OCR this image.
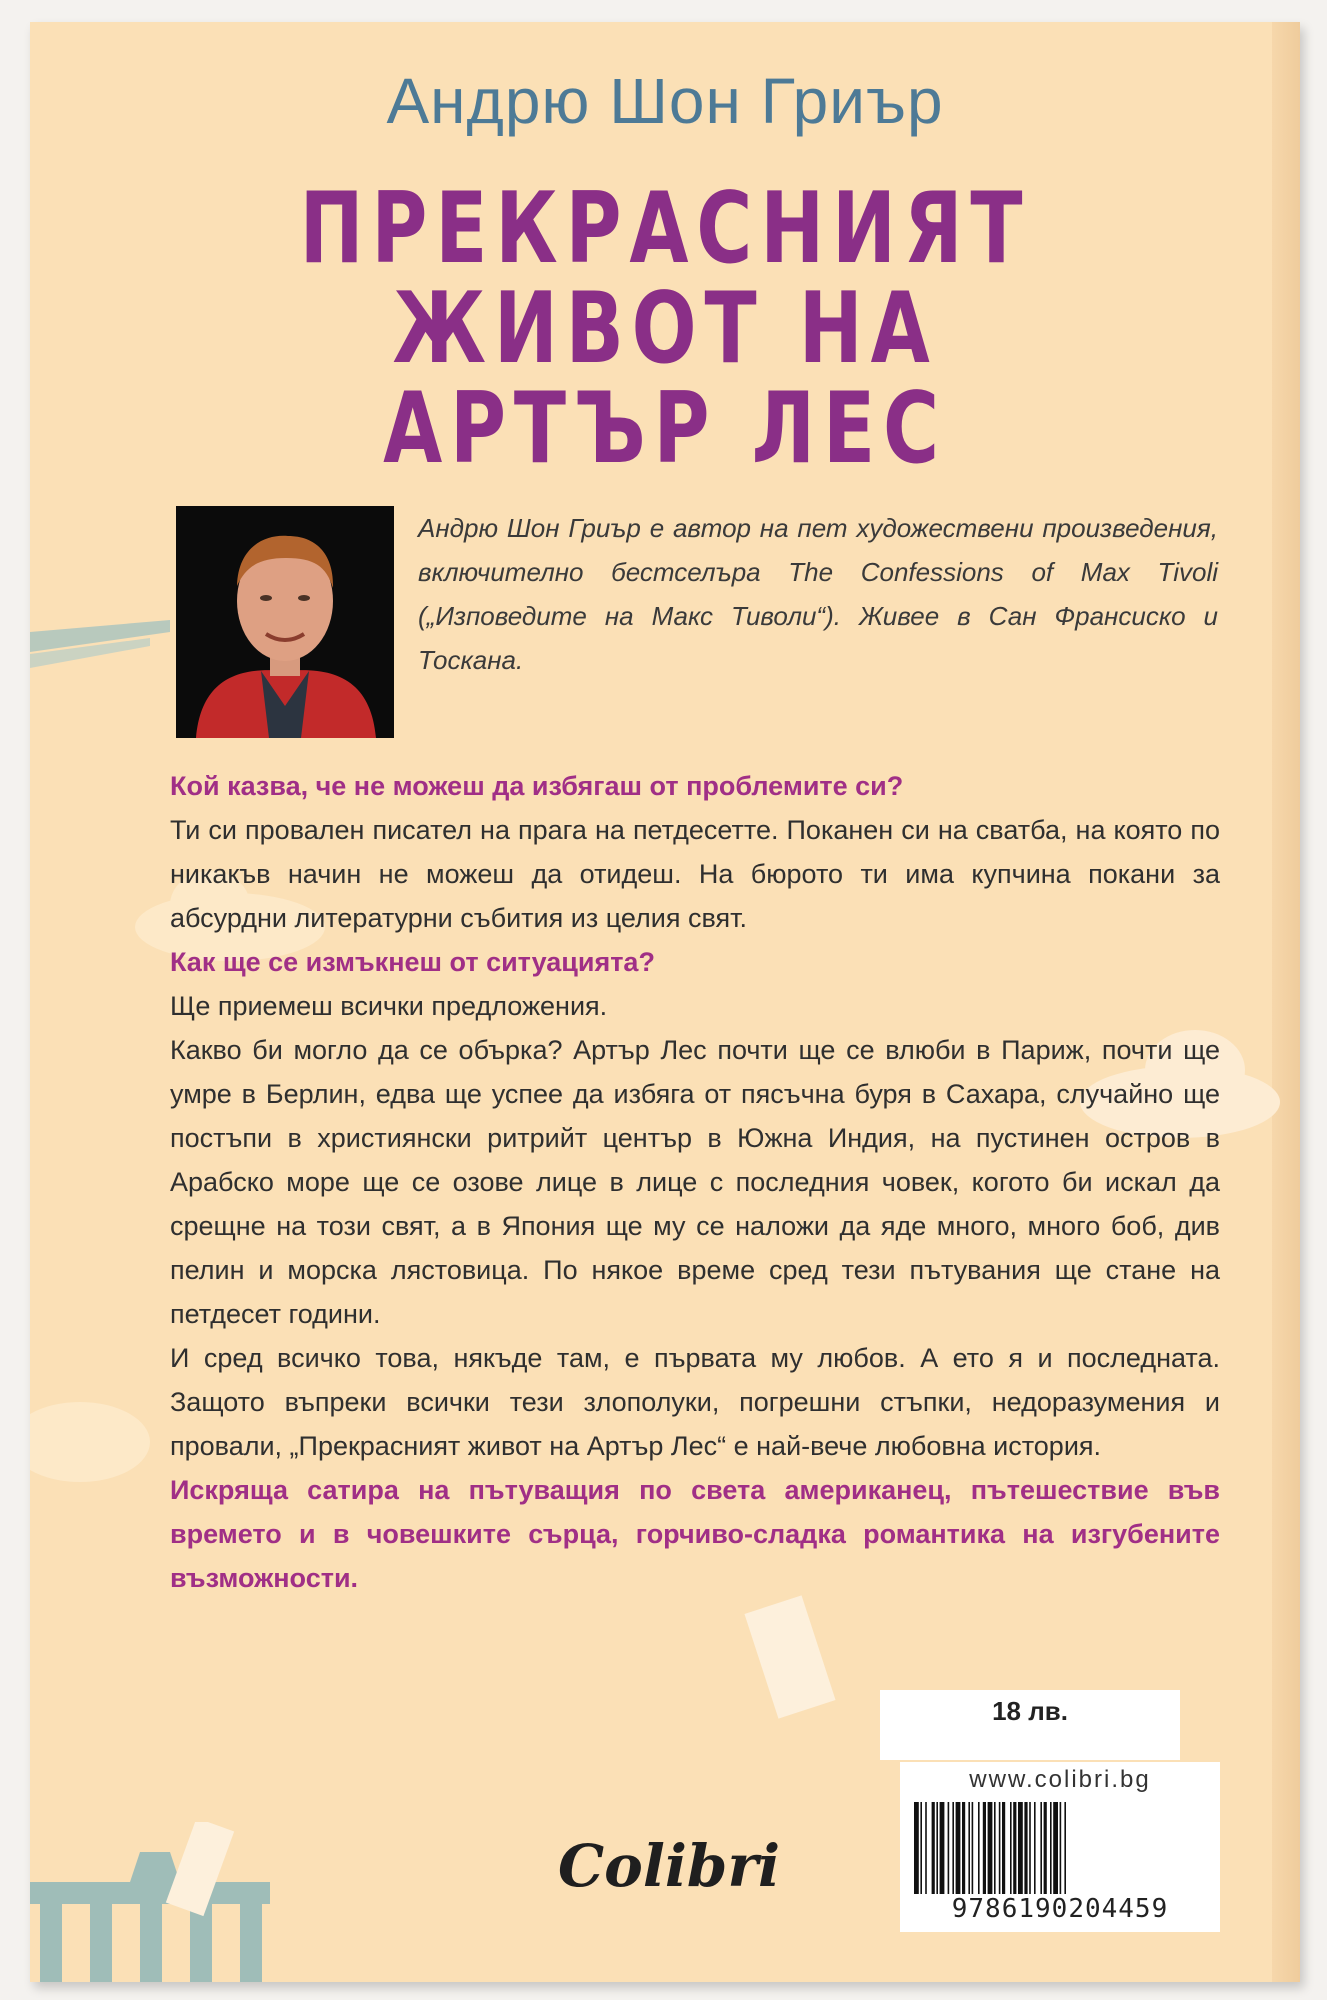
Андрю Шон Гриър
ПРЕКРАСНИЯТ
ЖИВОТ НА
АРТЪР ЛЕС
Андрю Шон Гриър е автор на пет художествени произведения, включително бестселъра The Confessions of Max Tivoli („Изповедите на Макс Тиволи“). Живее в Сан Франсиско и Тоскана.

Кой казва, че не можеш да избягаш от проблемите си?

Ти си провален писател на прага на петдесетте. Поканен си на сватба, на която по никакъв начин не можеш да отидеш. На бюрото ти има купчина покани за абсурдни литературни събития из целия свят.

Как ще се измъкнеш от ситуацията?

Ще приемеш всички предложения.

Какво би могло да се обърка? Артър Лес почти ще се влюби в Париж, почти ще умре в Берлин, едва ще успее да избяга от пясъчна буря в Сахара, случайно ще постъпи в християнски ритрийт център в Южна Индия, на пустинен остров в Арабско море ще се озове лице в лице с последния човек, когото би искал да срещне на този свят, а в Япония ще му се наложи да яде много, много боб, див пелин и морска лястовица. По някое време сред тези пътувания ще стане на петдесет години.

И сред всичко това, някъде там, е първата му любов. А ето я и последната. Защото въпреки всички тези злополуки, погрешни стъпки, недоразумения и провали, „Прекрасният живот на Артър Лес“ е най-вече любовна история.

Искряща сатира на пътуващия по света американец, пътешествие във времето и в човешките сърца, горчиво-сладка романтика на изгубените възможности.

Colibri
18 лв.
www.colibri.bg
9786190204459
